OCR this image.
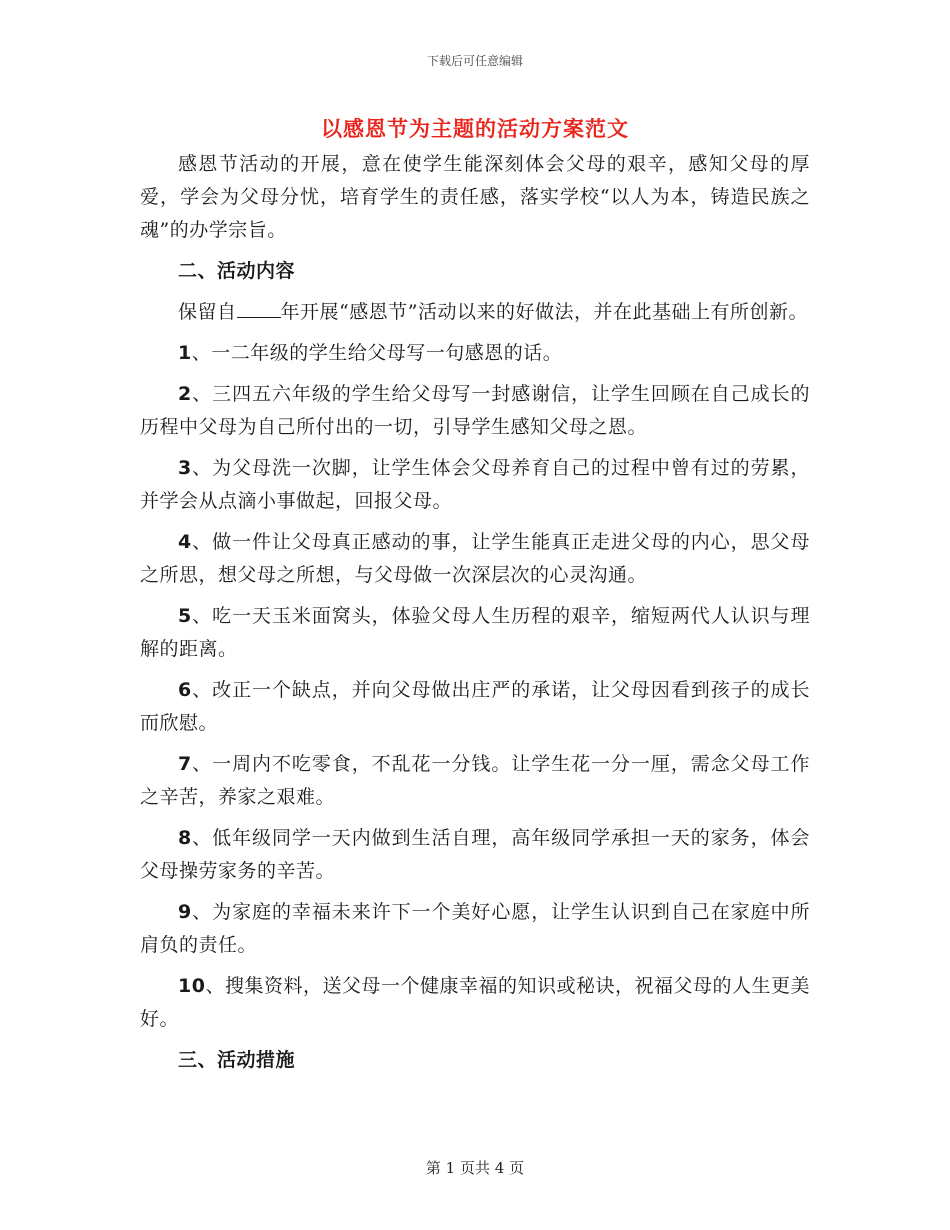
下载后可任意编辑
以感恩节为主题的活动方案范文

感恩节活动的开展，意在使学生能深刻体会父母的艰辛，感知父母的厚爱，学会为父母分忧，培育学生的责任感，落实学校“以人为本，铸造民族之魂”的办学宗旨。

二、活动内容

保留自 年开展“感恩节”活动以来的好做法，并在此基础上有所创新。

1、一二年级的学生给父母写一句感恩的话。

2、三四五六年级的学生给父母写一封感谢信，让学生回顾在自己成长的历程中父母为自己所付出的一切，引导学生感知父母之恩。

3、为父母洗一次脚，让学生体会父母养育自己的过程中曾有过的劳累，并学会从点滴小事做起，回报父母。

4、做一件让父母真正感动的事，让学生能真正走进父母的内心，思父母之所思，想父母之所想，与父母做一次深层次的心灵沟通。

5、吃一天玉米面窝头，体验父母人生历程的艰辛，缩短两代人认识与理解的距离。

6、改正一个缺点，并向父母做出庄严的承诺，让父母因看到孩子的成长而欣慰。

7、一周内不吃零食，不乱花一分钱。让学生花一分一厘，需念父母工作之辛苦，养家之艰难。

8、低年级同学一天内做到生活自理，高年级同学承担一天的家务，体会父母操劳家务的辛苦。

9、为家庭的幸福未来许下一个美好心愿，让学生认识到自己在家庭中所肩负的责任。

10、搜集资料，送父母一个健康幸福的知识或秘诀，祝福父母的人生更美好。

三、活动措施

第 1 页共 4 页
